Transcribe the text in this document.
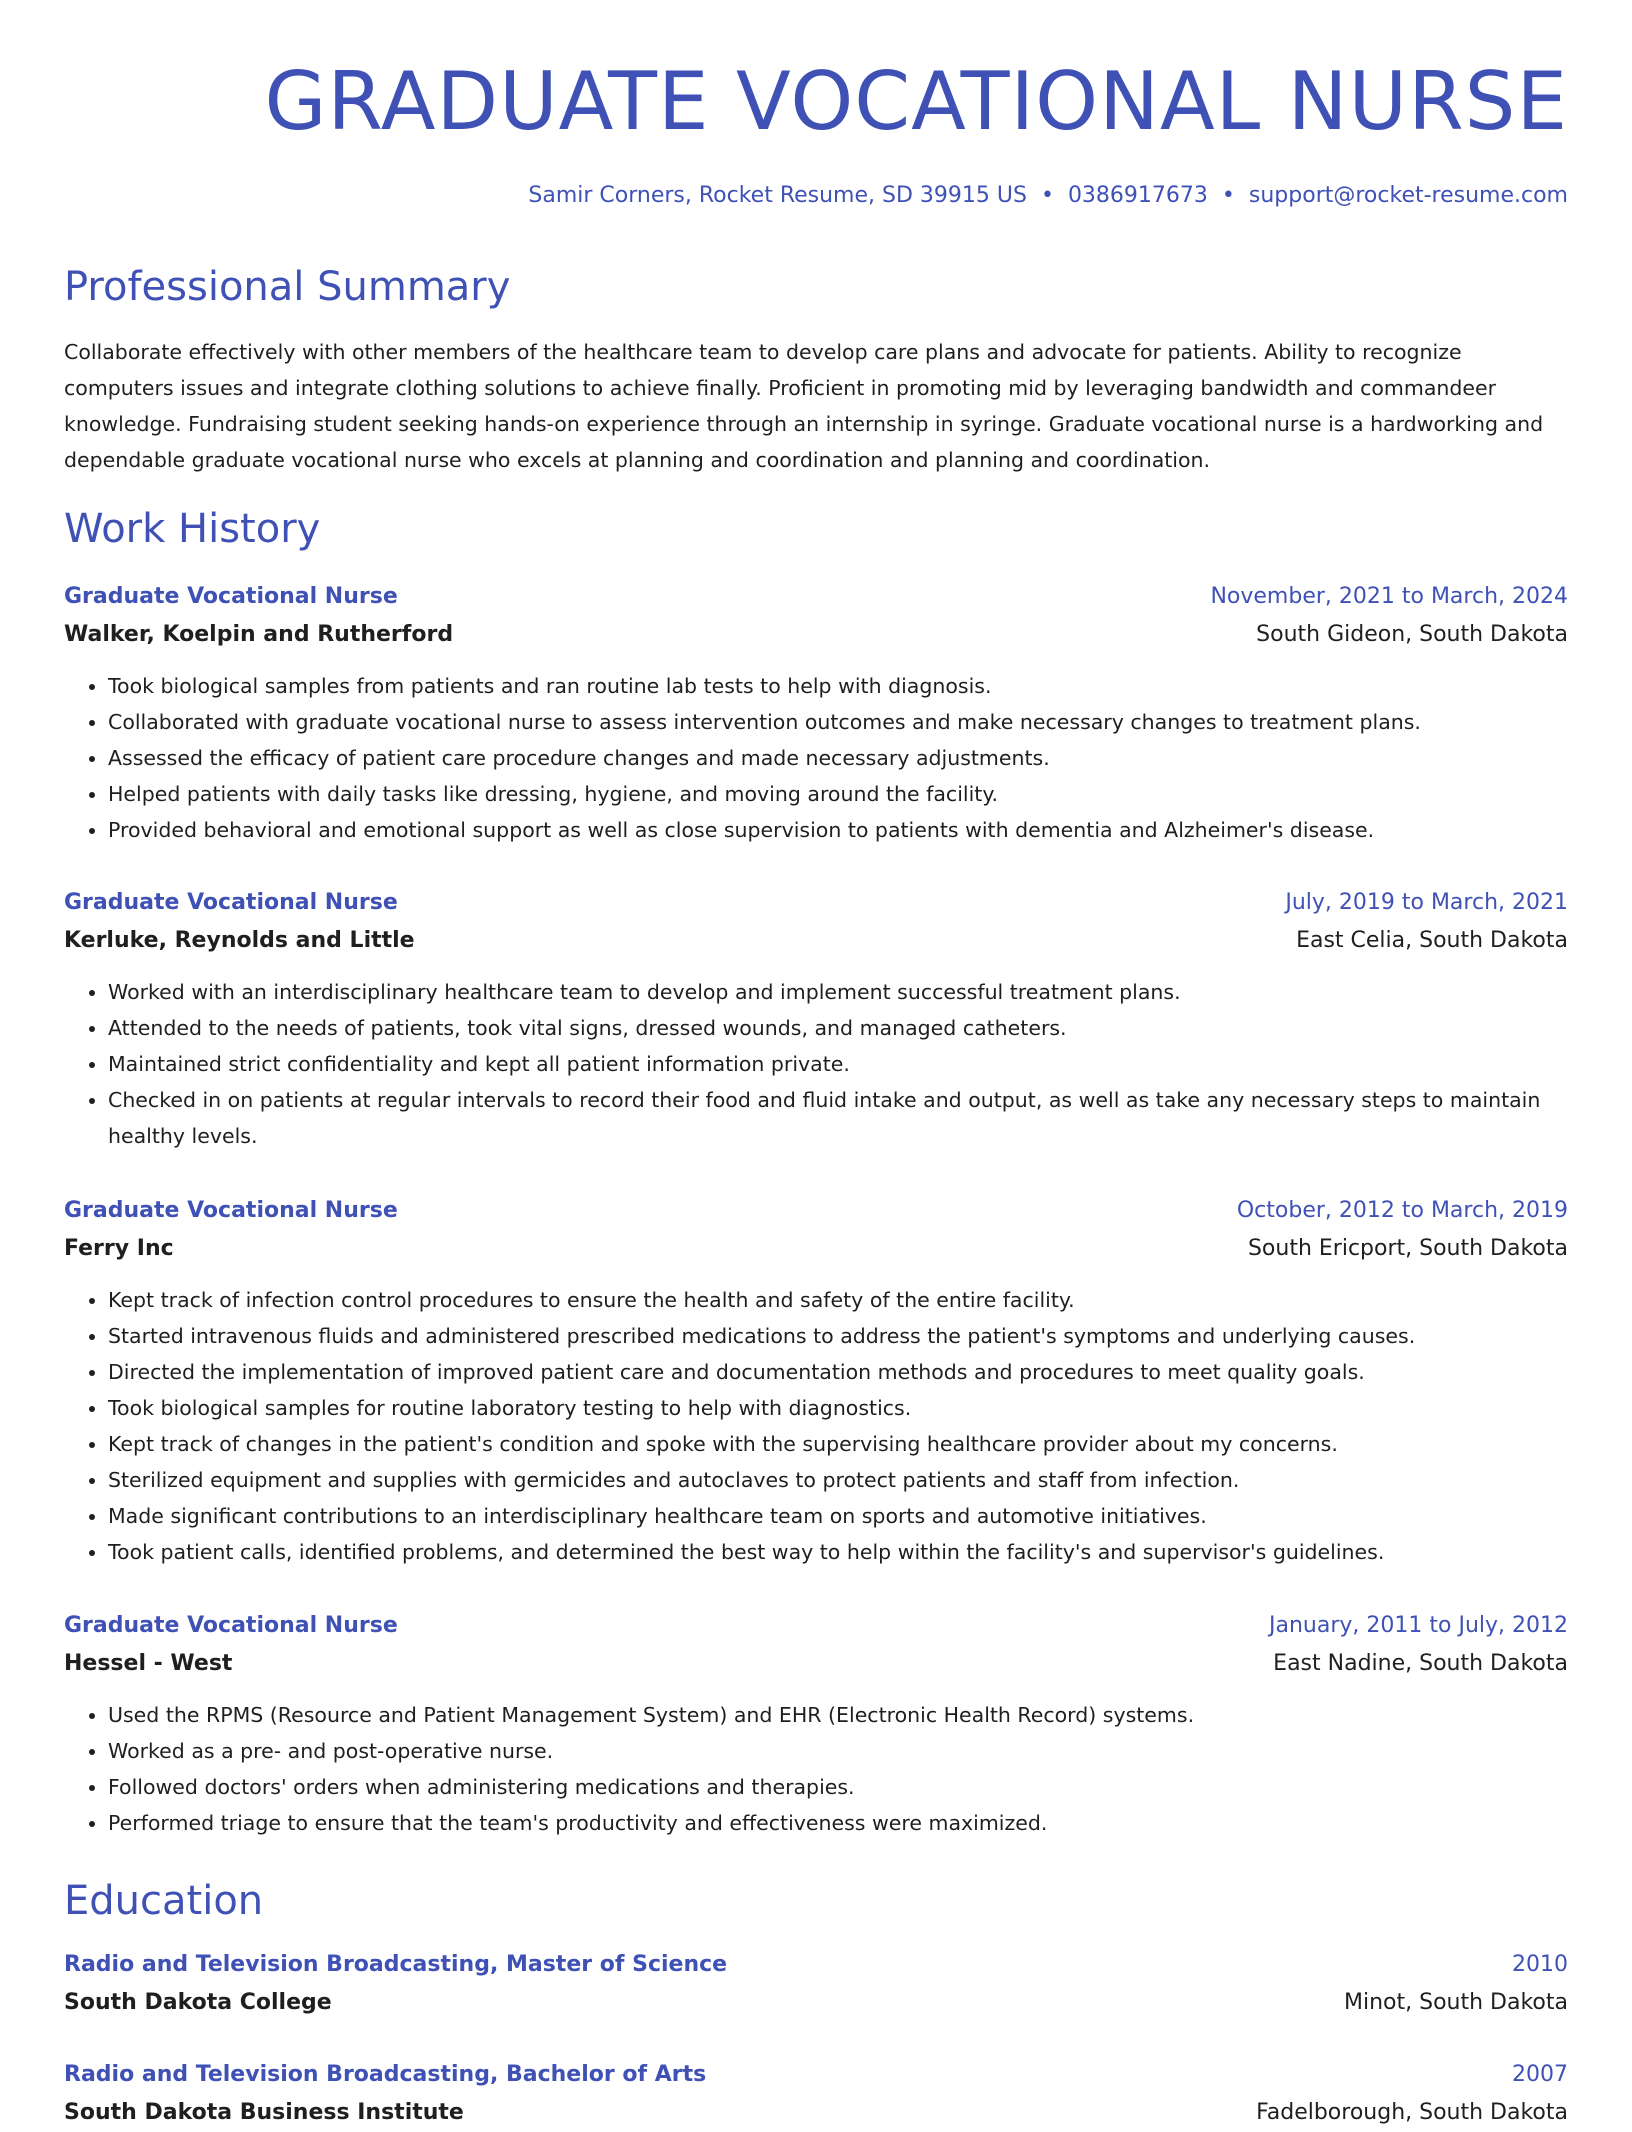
GRADUATE VOCATIONAL NURSE
Samir Corners, Rocket Resume, SD 39915 US • 0386917673 • support@rocket-resume.com
Professional Summary

Collaborate effectively with other members of the healthcare team to develop care plans and advocate for patients. Ability to recognize computers issues and integrate clothing solutions to achieve finally. Proficient in promoting mid by leveraging bandwidth and commandeer knowledge. Fundraising student seeking hands-on experience through an internship in syringe. Graduate vocational nurse is a hardworking and dependable graduate vocational nurse who excels at planning and coordination and planning and coordination.

Work History
Graduate Vocational Nurse	November, 2021 to March, 2024
Walker, Koelpin and Rutherford	South Gideon, South Dakota
• Took biological samples from patients and ran routine lab tests to help with diagnosis.
• Collaborated with graduate vocational nurse to assess intervention outcomes and make necessary changes to treatment plans.
• Assessed the efficacy of patient care procedure changes and made necessary adjustments.
• Helped patients with daily tasks like dressing, hygiene, and moving around the facility.
• Provided behavioral and emotional support as well as close supervision to patients with dementia and Alzheimer's disease.
Graduate Vocational Nurse	July, 2019 to March, 2021
Kerluke, Reynolds and Little	East Celia, South Dakota
• Worked with an interdisciplinary healthcare team to develop and implement successful treatment plans.
• Attended to the needs of patients, took vital signs, dressed wounds, and managed catheters.
• Maintained strict confidentiality and kept all patient information private.
• Checked in on patients at regular intervals to record their food and fluid intake and output, as well as take any necessary steps to maintain healthy levels.
Graduate Vocational Nurse	October, 2012 to March, 2019
Ferry Inc	South Ericport, South Dakota
• Kept track of infection control procedures to ensure the health and safety of the entire facility.
• Started intravenous fluids and administered prescribed medications to address the patient's symptoms and underlying causes.
• Directed the implementation of improved patient care and documentation methods and procedures to meet quality goals.
• Took biological samples for routine laboratory testing to help with diagnostics.
• Kept track of changes in the patient's condition and spoke with the supervising healthcare provider about my concerns.
• Sterilized equipment and supplies with germicides and autoclaves to protect patients and staff from infection.
• Made significant contributions to an interdisciplinary healthcare team on sports and automotive initiatives.
• Took patient calls, identified problems, and determined the best way to help within the facility's and supervisor's guidelines.
Graduate Vocational Nurse	January, 2011 to July, 2012
Hessel - West	East Nadine, South Dakota
• Used the RPMS (Resource and Patient Management System) and EHR (Electronic Health Record) systems.
• Worked as a pre- and post-operative nurse.
• Followed doctors' orders when administering medications and therapies.
• Performed triage to ensure that the team's productivity and effectiveness were maximized.
Education
Radio and Television Broadcasting, Master of Science	2010
South Dakota College	Minot, South Dakota
Radio and Television Broadcasting, Bachelor of Arts	2007
South Dakota Business Institute	Fadelborough, South Dakota
